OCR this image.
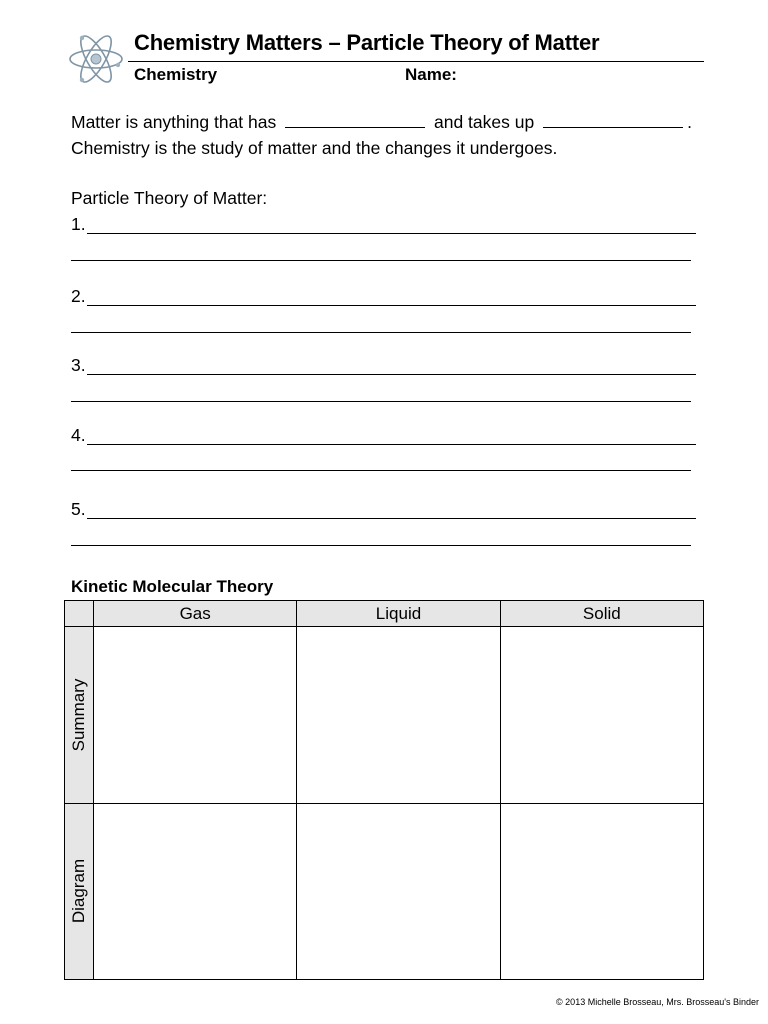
Chemistry Matters – Particle Theory of Matter
Chemistry	Name:
Matter is anything that has	and takes up	.
Chemistry is the study of matter and the changes it undergoes.
Particle Theory of Matter:
1.
2.
3.
4.
5.
Kinetic Molecular Theory
	Gas	Liquid	Solid

Summary			

Diagram			

© 2013 Michelle Brosseau, Mrs. Brosseau's Binder
